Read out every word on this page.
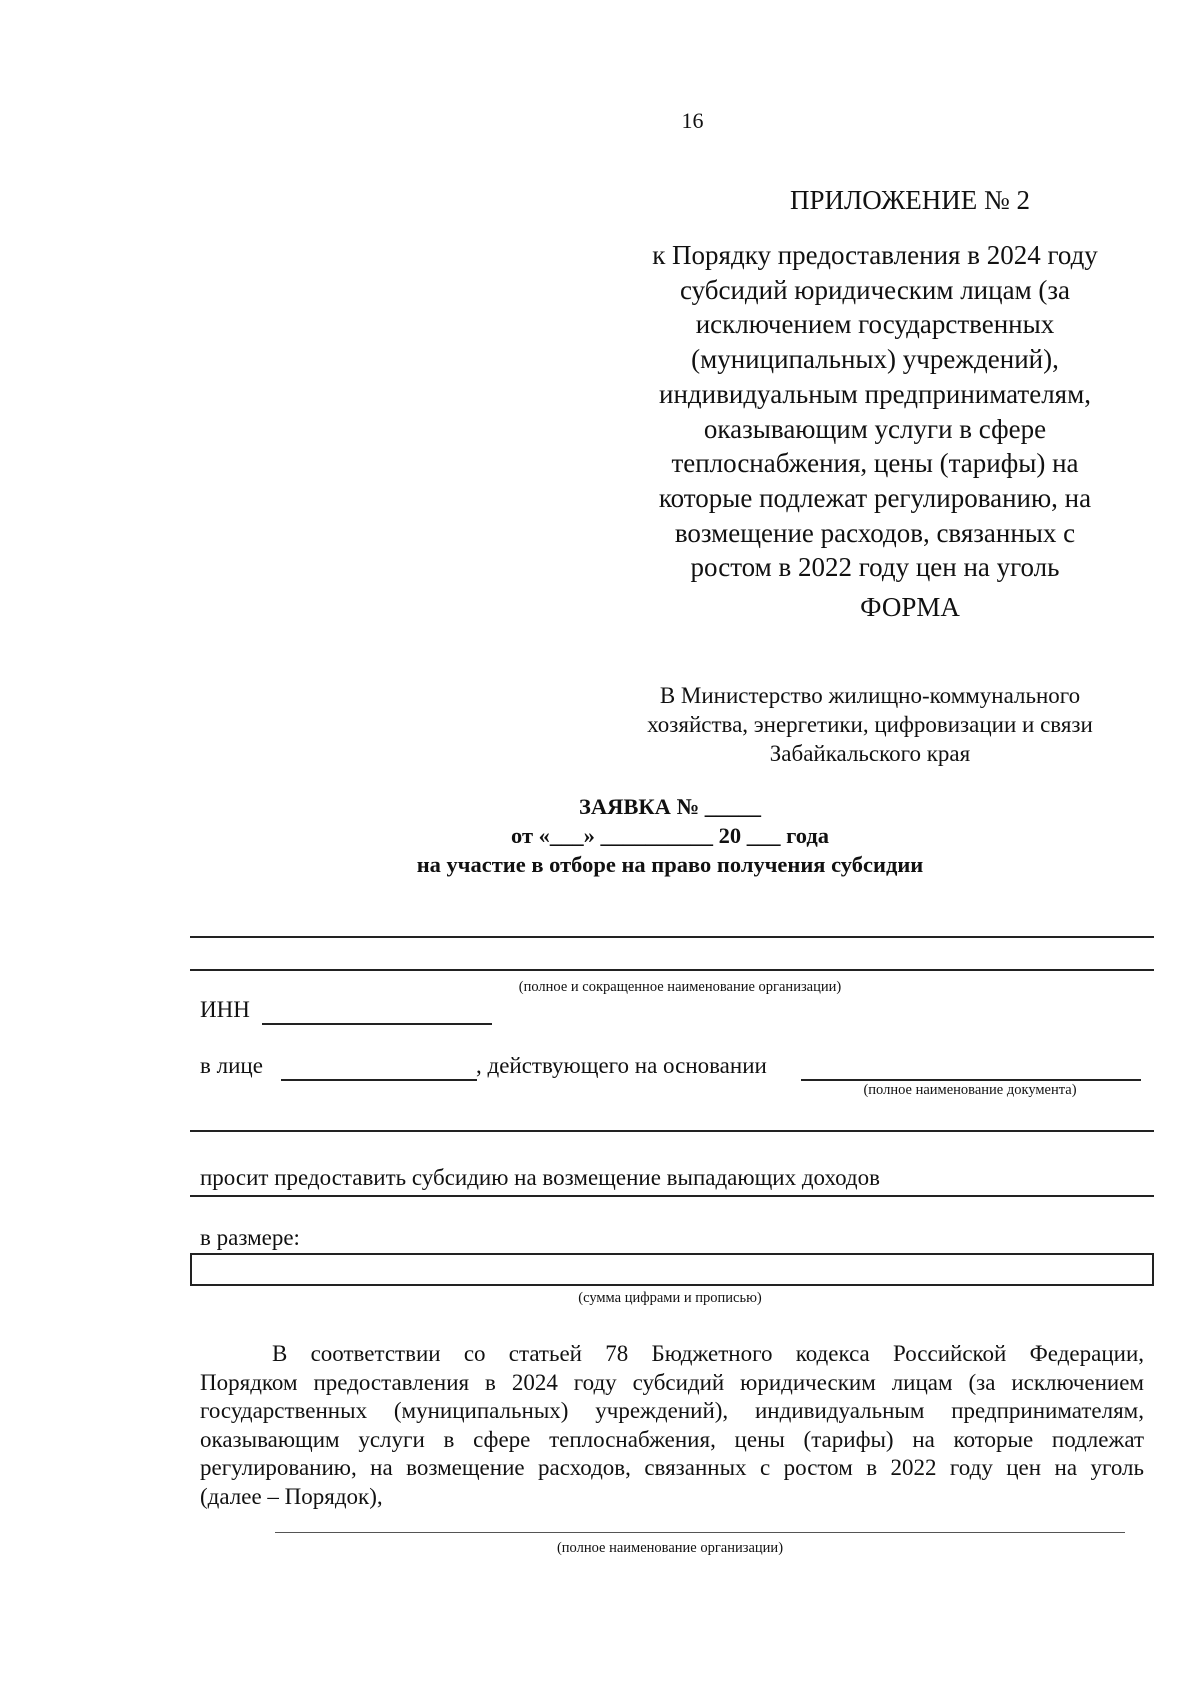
16
ПРИЛОЖЕНИЕ № 2
к Порядку предоставления в 2024 году
субсидий юридическим лицам (за
исключением государственных
(муниципальных) учреждений),
индивидуальным предпринимателям,
оказывающим услуги в сфере
теплоснабжения, цены (тарифы) на
которые подлежат регулированию, на
возмещение расходов, связанных с
ростом в 2022 году цен на уголь
ФОРМА
В Министерство жилищно-коммунального
хозяйства, энергетики, цифровизации и связи
Забайкальского края
ЗАЯВКА № _____
от «___» __________ 20 ___ года
на участие в отборе на право получения субсидии
(полное и сокращенное наименование организации)
ИНН
в лице	, действующего на основании
(полное наименование документа)
просит предоставить субсидию на возмещение выпадающих доходов
в размере:
(сумма цифрами и прописью)
В соответствии со статьей 78 Бюджетного кодекса Российской Федерации,
Порядком предоставления в 2024 году субсидий юридическим лицам (за исключением
государственных (муниципальных) учреждений), индивидуальным предпринимателям,
оказывающим услуги в сфере теплоснабжения, цены (тарифы) на которые подлежат
регулированию, на возмещение расходов, связанных с ростом в 2022 году цен на уголь
(далее – Порядок),
(полное наименование организации)
